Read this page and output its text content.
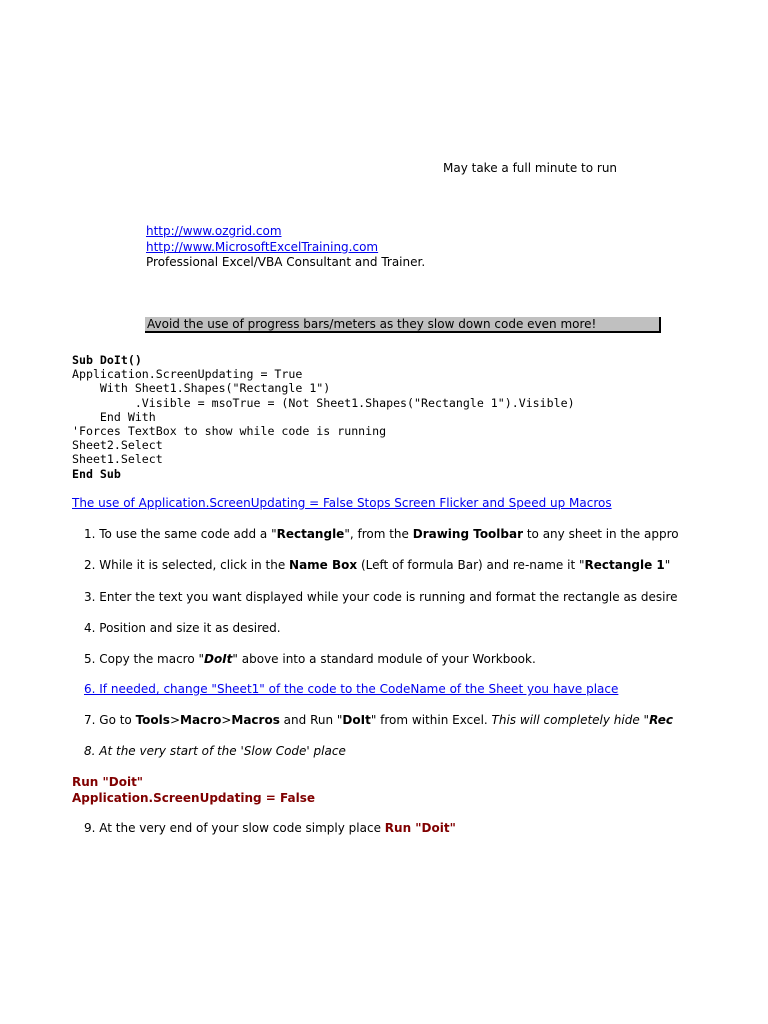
May take a full minute to run
http://www.ozgrid.com
http://www.MicrosoftExcelTraining.com
Professional Excel/VBA Consultant and Trainer.
Avoid the use of progress bars/meters as they slow down code even more!
Sub DoIt()
Application.ScreenUpdating = True
With Sheet1.Shapes("Rectangle 1")
.Visible = msoTrue = (Not Sheet1.Shapes("Rectangle 1").Visible)
End With
'Forces TextBox to show while code is running
Sheet2.Select
Sheet1.Select
End Sub
The use of Application.ScreenUpdating = False Stops Screen Flicker and Speed up Macros
1. To use the same code add a "Rectangle", from the Drawing Toolbar to any sheet in the appro
2. While it is selected, click in the Name Box (Left of formula Bar) and re-name it "Rectangle 1"
3. Enter the text you want displayed while your code is running and format the rectangle as desire
4. Position and size it as desired.
5. Copy the macro "DoIt" above into a standard module of your Workbook.
6. If needed, change "Sheet1" of the code to the CodeName of the Sheet you have place
7. Go to Tools>Macro>Macros and Run "DoIt" from within Excel. This will completely hide "Rec
8. At the very start of the 'Slow Code' place
9. At the very end of your slow code simply place Run "Doit"
Run "Doit"
Application.ScreenUpdating = False
